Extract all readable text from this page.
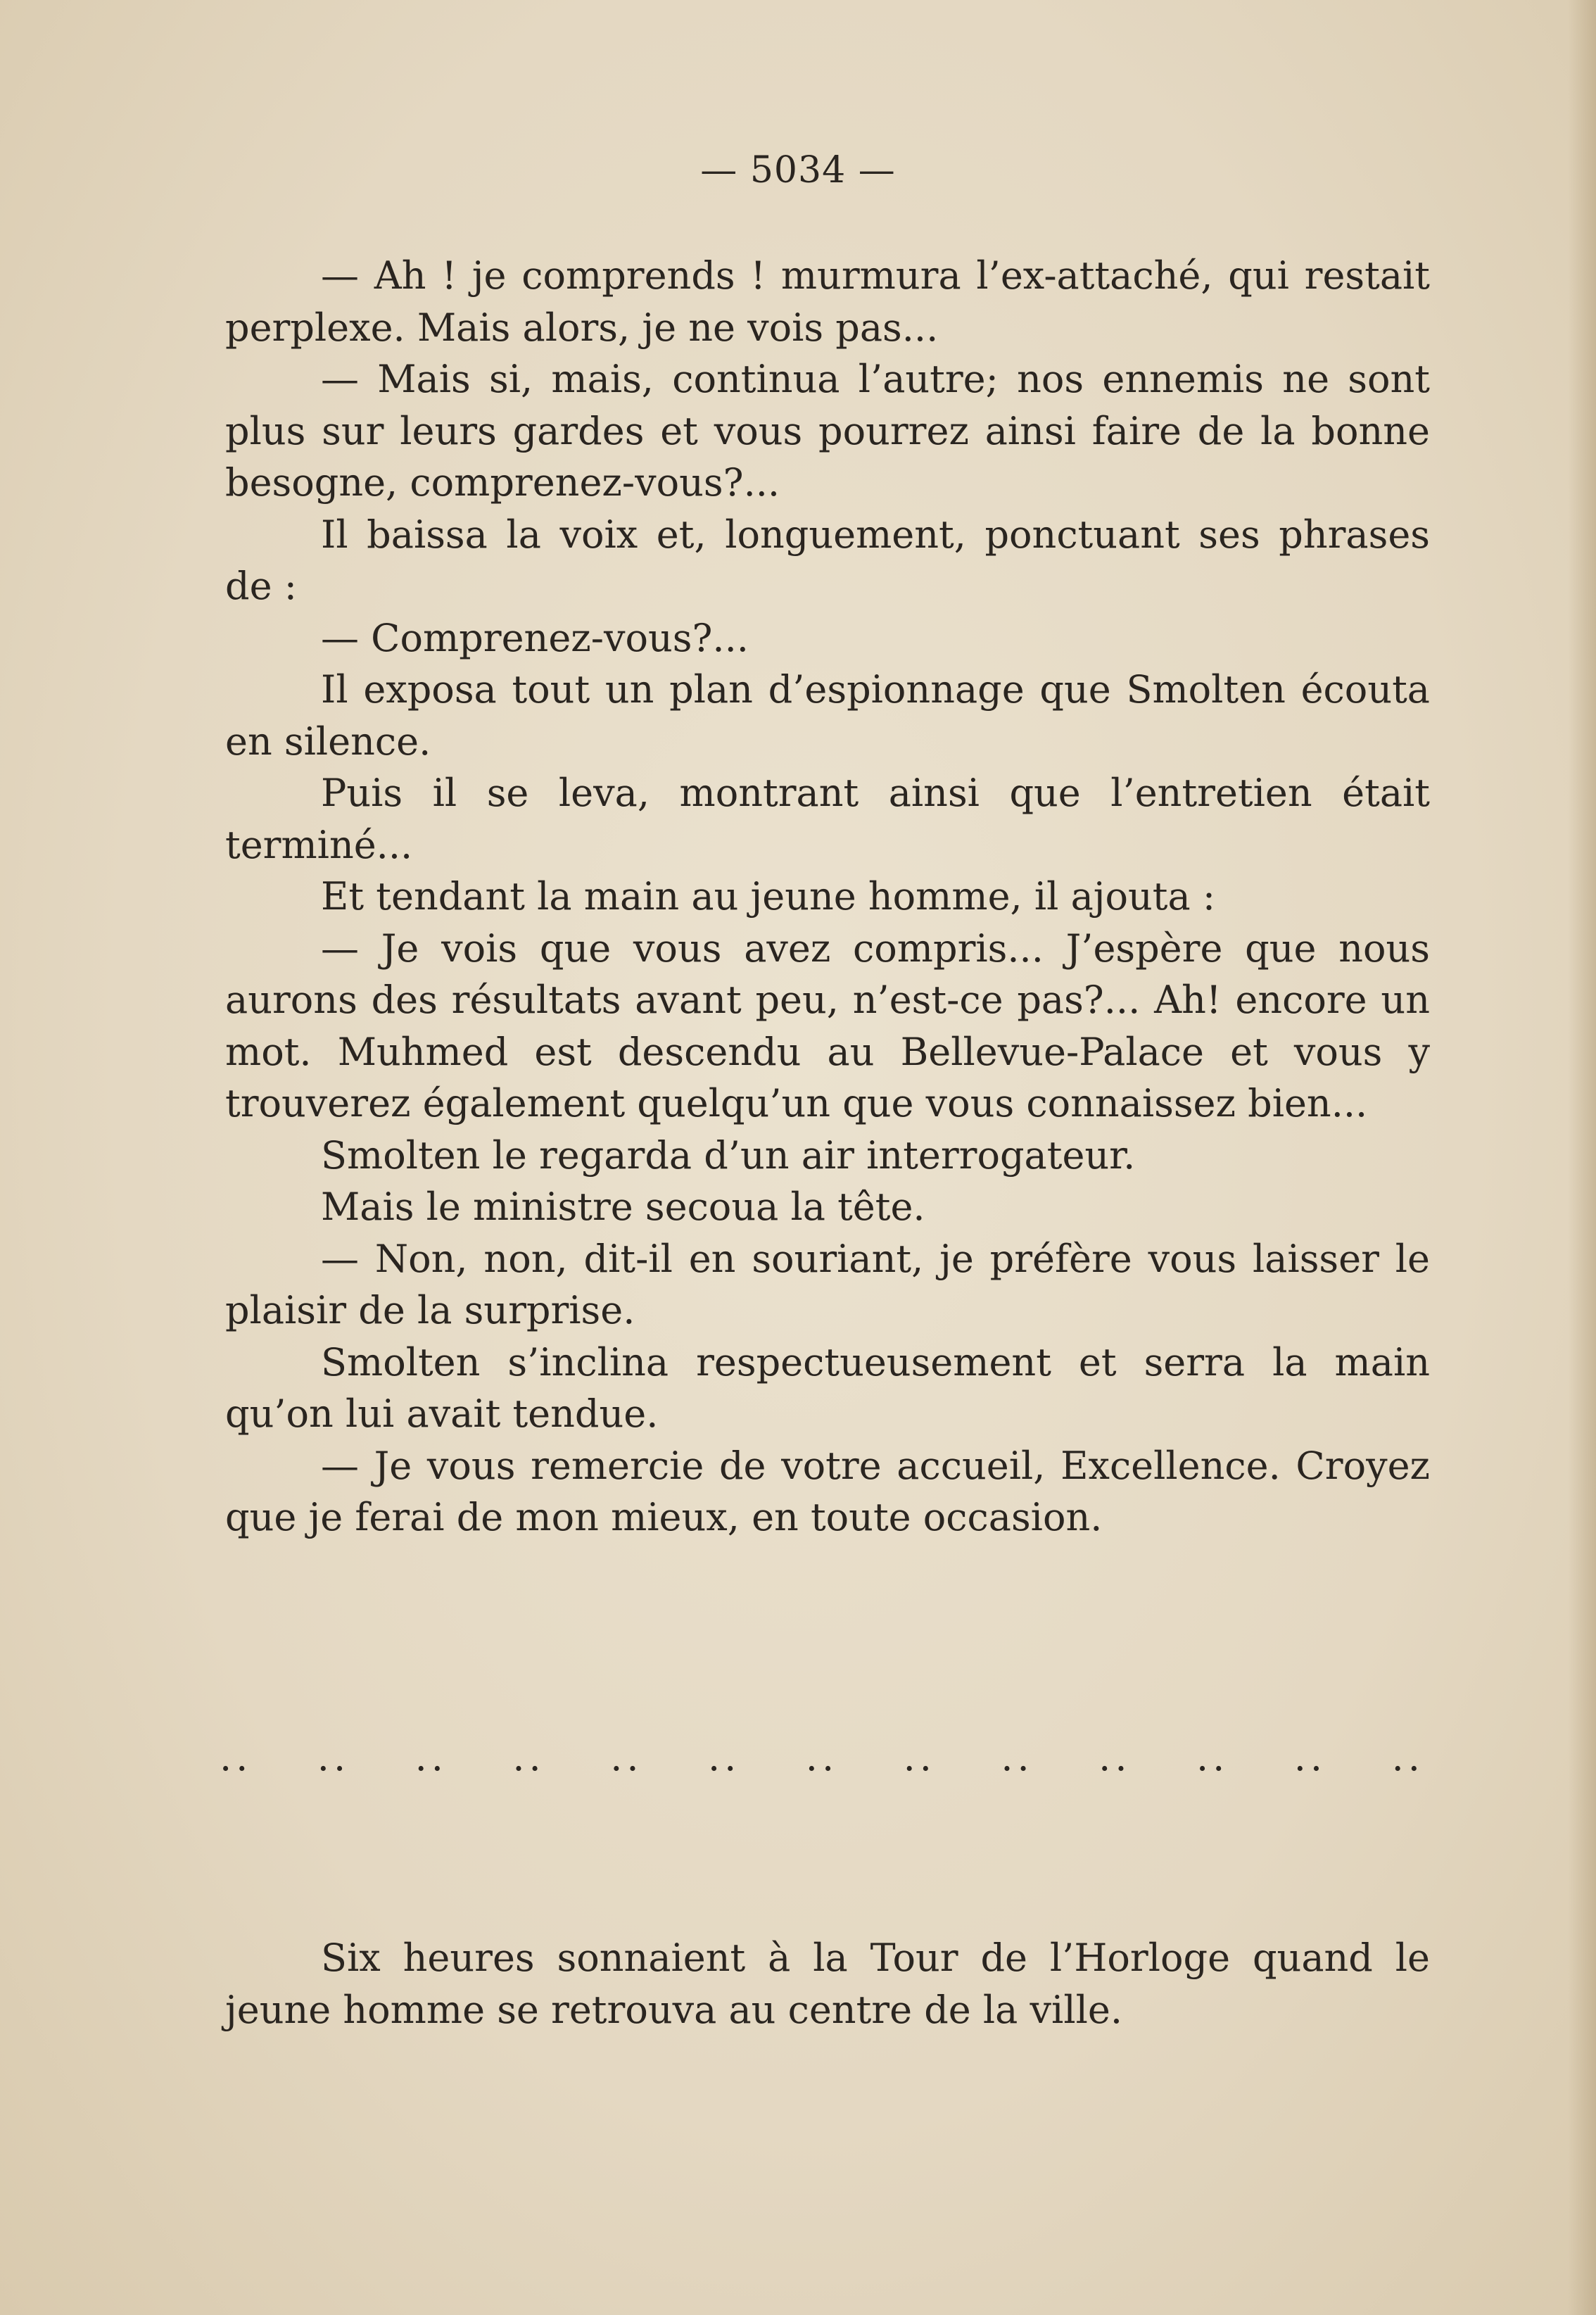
— 5034 —

— Ah ! je comprends ! murmura l’ex-attaché, qui restait perplexe. Mais alors, je ne vois pas...

— Mais si, mais, continua l’autre; nos ennemis ne sont plus sur leurs gardes et vous pourrez ainsi faire de la bonne besogne, comprenez-vous?...

Il baissa la voix et, longuement, ponctuant ses phrases de :

— Comprenez-vous?...

Il exposa tout un plan d’espionnage que Smolten écouta en silence.

Puis il se leva, montrant ainsi que l’entretien était terminé...

Et tendant la main au jeune homme, il ajouta :

— Je vois que vous avez compris... J’espère que nous aurons des résultats avant peu, n’est-ce pas?... Ah! encore un mot. Muhmed est descendu au Bellevue-Palace et vous y trouverez également quelqu’un que vous connaissez bien...

Smolten le regarda d’un air interrogateur.

Mais le ministre secoua la tête.

— Non, non, dit-il en souriant, je préfère vous laisser le plaisir de la surprise.

Smolten s’inclina respectueusement et serra la main qu’on lui avait tendue.

— Je vous remercie de votre accueil, Excellence. Croyez que je ferai de mon mieux, en toute occasion.

.. .. .. .. .. .. .. .. .. .. .. .. ..

Six heures sonnaient à la Tour de l’Horloge quand le jeune homme se retrouva au centre de la ville.
